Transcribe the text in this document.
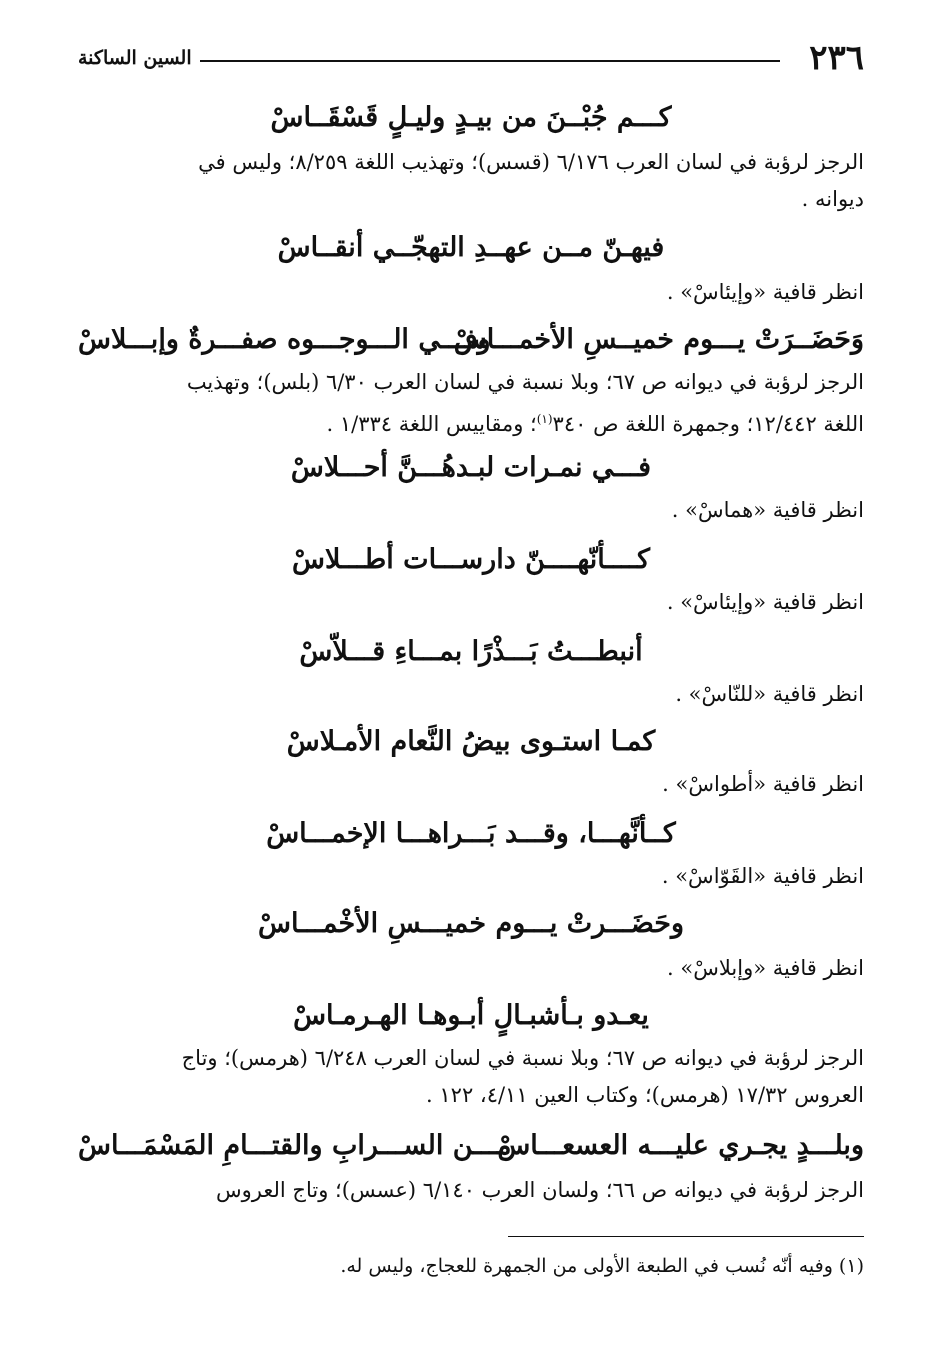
٢٣٦
السين الساكنة
كـــم جُبْــنَ من بيـدٍ وليـلٍ قَسْقَــاسْ
الرجز لرؤبة في لسان العرب ٦/١٧٦ (قسس)؛ وتهذيب اللغة ٨/٢٥٩؛ وليس في
ديوانه .
فيهـنّ مــن عهــدِ التهجّــي أنقــاسْ
انظر قافية «وإيئاسْ» .
وَحَضَــرَتْ يـــوم خميــسِ الأخمـــاسْ
وفـــي الـــوجـــوه صفـــرةٌ وإبـــلاسْ
الرجز لرؤبة في ديوانه ص ٦٧؛ وبلا نسبة في لسان العرب ٦/٣٠ (بلس)؛ وتهذيب
اللغة ١٢/٤٤٢؛ وجمهرة اللغة ص ٣٤٠$^{(١)}$؛ ومقاييس اللغة ١/٣٣٤ .
فـــي نمـرات لبـدهُـــنَّ أحـــلاسْ
انظر قافية «هماسْ» .
كــــأنّهــــنّ دارســـات أطـــلاسْ
انظر قافية «وإيئاسْ» .
أنبطـــتُ بَـــذْرًا بمـــاءِ قـــلاّسْ
انظر قافية «للنّاسْ» .
كمـا استـوى بيضُ النَّعام الأمـلاسْ
انظر قافية «أطواسْ» .
كــأنَّهـــا، وقـــد بَـــراهـــا الإخمـــاسْ
انظر قافية «القَوّاسْ» .
وحَضَـــرتْ يـــوم خميـــسِ الأخْمـــاسْ
انظر قافية «وإبلاسْ» .
يعـدو بـأشبـالٍ أبـوهـا الهـرمـاسْ
الرجز لرؤبة في ديوانه ص ٦٧؛ وبلا نسبة في لسان العرب ٦/٢٤٨ (هرمس)؛ وتاج
العروس ١٧/٣٢ (هرمس)؛ وكتاب العين ٤/١١، ١٢٢ .
وبلـــدٍ يجـري عليـــه العسعـــاسْ
مـــن الســـرابِ والقتـــامِ المَسْمَـــاسْ
الرجز لرؤبة في ديوانه ص ٦٦؛ ولسان العرب ٦/١٤٠ (عسس)؛ وتاج العروس
(١) وفيه أنّه نُسب في الطبعة الأولى من الجمهرة للعجاج، وليس له.
